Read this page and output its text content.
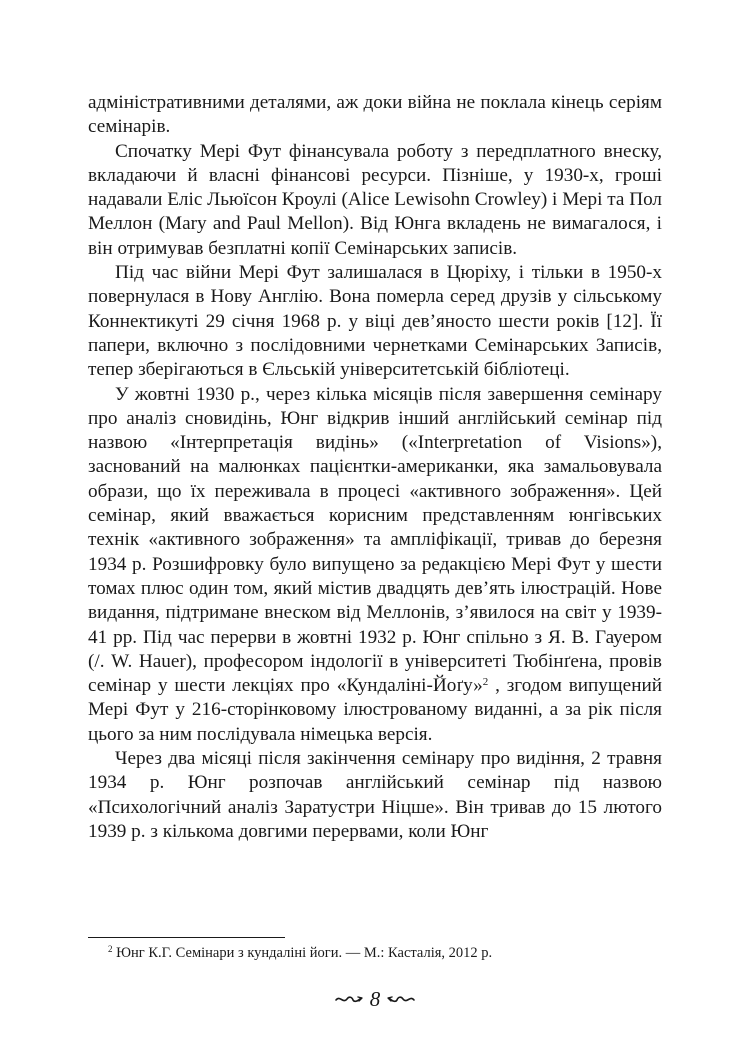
адміністративними деталями, аж доки війна не поклала кінець серіям семінарів.

Спочатку Мері Фут фінансувала роботу з передплатного внеску, вкладаючи й власні фінансові ресурси. Пізніше, у 1930-х, гроші надавали Еліс Льюїсон Кроулі (Alice Lewisohn Crowley) і Мері та Пол Меллон (Mary and Paul Mellon). Від Юнга вкладень не вимагалося, і він отримував безплатні копії Семінарських записів.

Під час війни Мері Фут залишалася в Цюріху, і тільки в 1950-х повернулася в Нову Англію. Вона померла серед друзів у сільському Коннектикуті 29 січня 1968 р. у віці дев’яносто шести років [12]. Її папери, включно з послідовними чернетками Семінарських Записів, тепер зберігаються в Єльській університетській бібліотеці.

У жовтні 1930 р., через кілька місяців після завершення семінару про аналіз сновидінь, Юнг відкрив інший англійський семінар під назвою «Інтерпретація видінь» («Interpretation of Visions»), заснований на малюнках пацієнтки-американки, яка замальовувала образи, що їх переживала в процесі «активного зображення». Цей семінар, який вважається корисним представленням юнгівських технік «активного зображення» та ампліфікації, тривав до березня 1934 р. Розшифровку було випущено за редакцією Мері Фут у шести томах плюс один том, який містив двадцять дев’ять ілюстрацій. Нове видання, підтримане внеском від Меллонів, з’явилося на світ у 1939-41 рр. Під час перерви в жовтні 1932 р. Юнг спільно з Я. В. Гауером (/. W. Hauer), професором індології в університеті Тюбінґена, провів семінар у шести лекціях про «Кундаліні-Йоґу»$^2$ , згодом випущений Мері Фут у 216-сторінковому ілюстрованому виданні, а за рік після цього за ним послідувала німецька версія.

Через два місяці після закінчення семінару про видіння, 2 травня 1934 р. Юнг розпочав англійський семінар під назвою «Психологічний аналіз Заратустри Ніцше». Він тривав до 15 лютого 1939 р. з кількома довгими перервами, коли Юнг

$^2$ Юнг К.Г. Семінари з кундаліні йоги. — М.: Касталія, 2012 р.
8
